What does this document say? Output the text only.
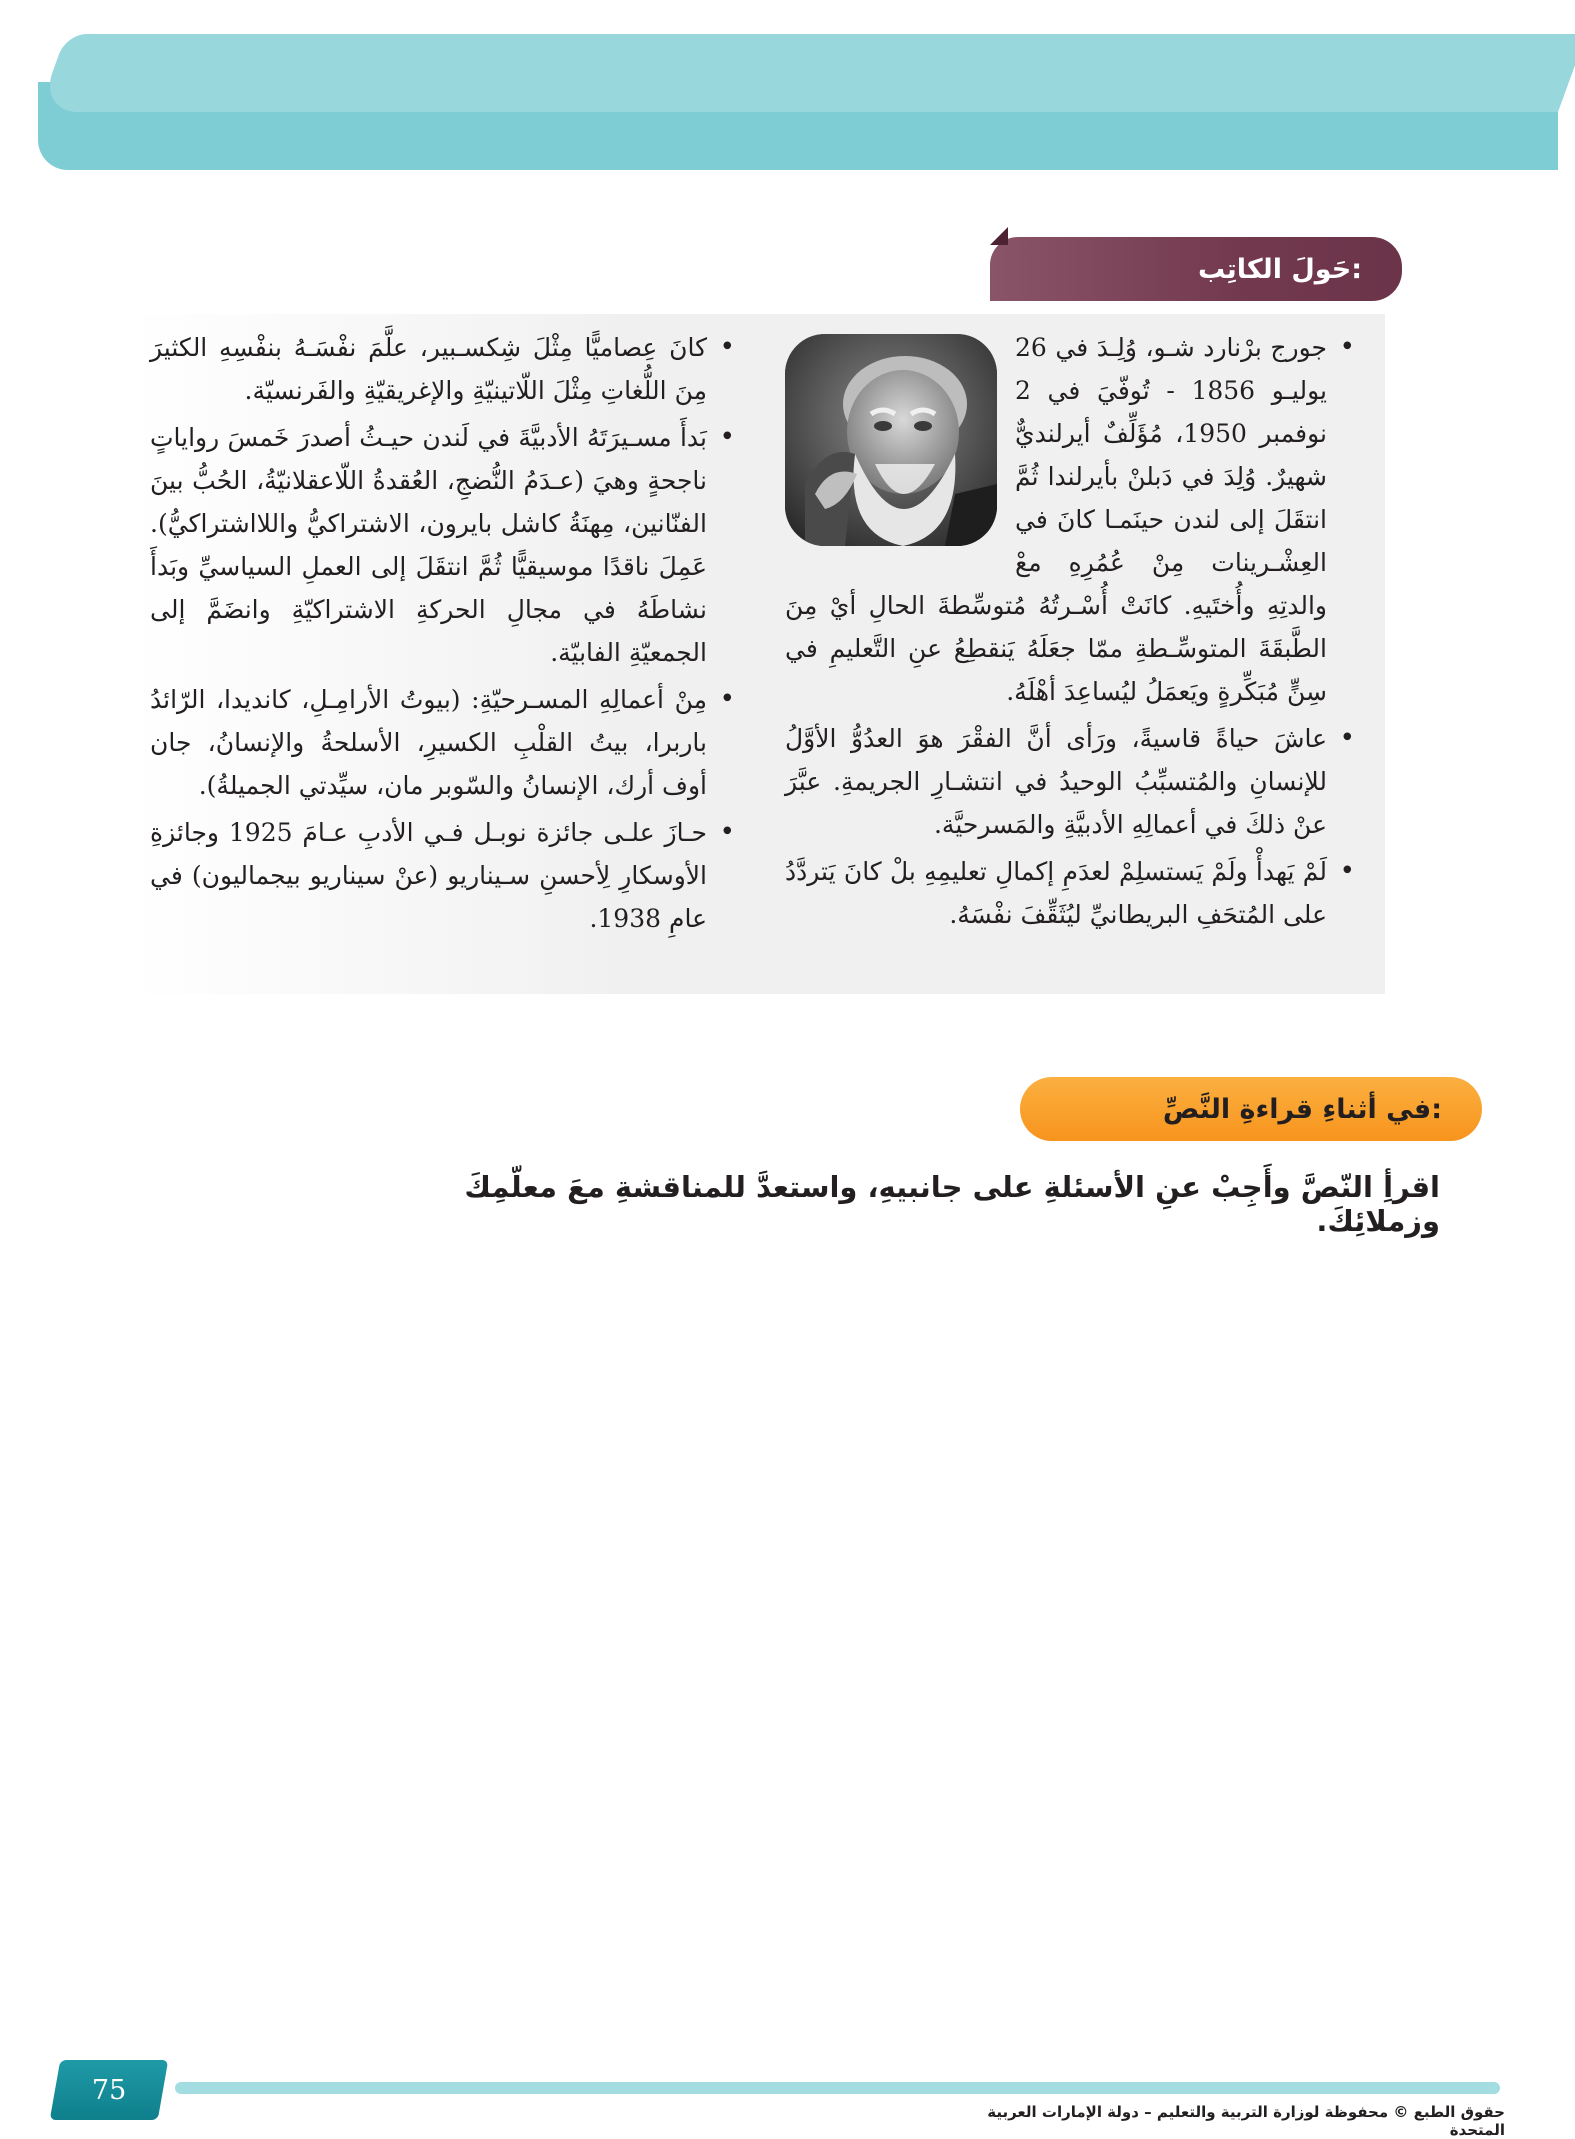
حَولَ الكاتِب:
• جورج برْنارد شـو، وُلِـدَ في 26 يوليـو 1856 - تُوفّيَ في 2 نوفمبر 1950، مُؤَلِّفٌ أيرلنديٌّ شهيرٌ. وُلِدَ في دَبلنْ بأيرلندا ثُمَّ انتقَلَ إلى لندن حينَمـا كانَ في العِشْـرينات مِنْ عُمُرِهِ معْ والدتِهِ وأُختَيهِ. كانَتْ أُسْـرتُهُ مُتوسِّطةَ الحالِ أيْ مِنَ الطَّبقَةَ المتوسِّـطةِ ممّا جعَلَهُ يَنقطِعُ عنِ التَّعليمِ في سِنٍّ مُبَكِّرةٍ ويَعمَلُ ليُساعِدَ أهْلَهُ.
• عاشَ حياةً قاسيةً، ورَأى أنَّ الفقْرَ هوَ العدُوُّ الأوَّلُ للإنسانِ والمُتسبِّبُ الوحيدُ في انتشـارِ الجريمةِ. عبَّرَ عنْ ذلكَ في أعمالِهِ الأدبيَّةِ والمَسرحيَّة.
• لَمْ يَهدأْ ولَمْ يَستسلِمْ لعدَمِ إكمالِ تعليمِهِ بلْ كانَ يَتردَّدُ على المُتحَفِ البريطانيِّ ليُثَقِّفَ نفْسَهُ.
• كانَ عِصاميًّا مِثْلَ شِكسـبير، علَّمَ نفْسَـهُ بنفْسِهِ الكثيرَ مِنَ اللُّغاتِ مِثْلَ اللّاتينيّةِ والإغريقيّةِ والفَرنسيّة.
• بَدأَ مسـيرَتَهُ الأدبيَّةَ في لَندن حيـثُ أصدرَ خَمسَ رواياتٍ ناجحةٍ وهيَ (عـدَمُ النُّضجِ، العُقدةُ اللّاعقلانيّةُ، الحُبُّ بينَ الفنّانين، مِهنَةُ كاشل بايرون، الاشتراكيُّ واللااشتراكيُّ). عَمِلَ ناقدًا موسيقيًّا ثُمَّ انتقَلَ إلى العملِ السياسيِّ وبَدأَ نشاطَهُ في مجالِ الحركةِ الاشتراكيّةِ وانضَمَّ إلى الجمعيّةِ الفابيّة.
• مِنْ أعمالِهِ المسـرحيّةِ: (بيوتُ الأرامِـلِ، كانديدا، الرّائدُ باربرا، بيتُ القلْبِ الكسيرِ، الأسلحةُ والإنسانُ، جان أوف أرك، الإنسانُ والسّوبر مان، سيِّدتي الجميلةُ).
• حـازَ علـى جائزة نوبـل فـي الأدبِ عـامَ 1925 وجائزةِ الأوسكارِ لِأحسنِ سـيناريو (عنْ سيناريو بيجماليون) في عامِ 1938.
في أثناءِ قراءةِ النَّصِّ:
اقرأِ النّصَّ وأَجِبْ عنِ الأسئلةِ على جانبيهِ، واستعدَّ للمناقشةِ معَ معلّمِكَ وزملائِكَ.
75
حقوق الطبع © محفوظة لوزارة التربية والتعليم – دولة الإمارات العربية المتحدة
